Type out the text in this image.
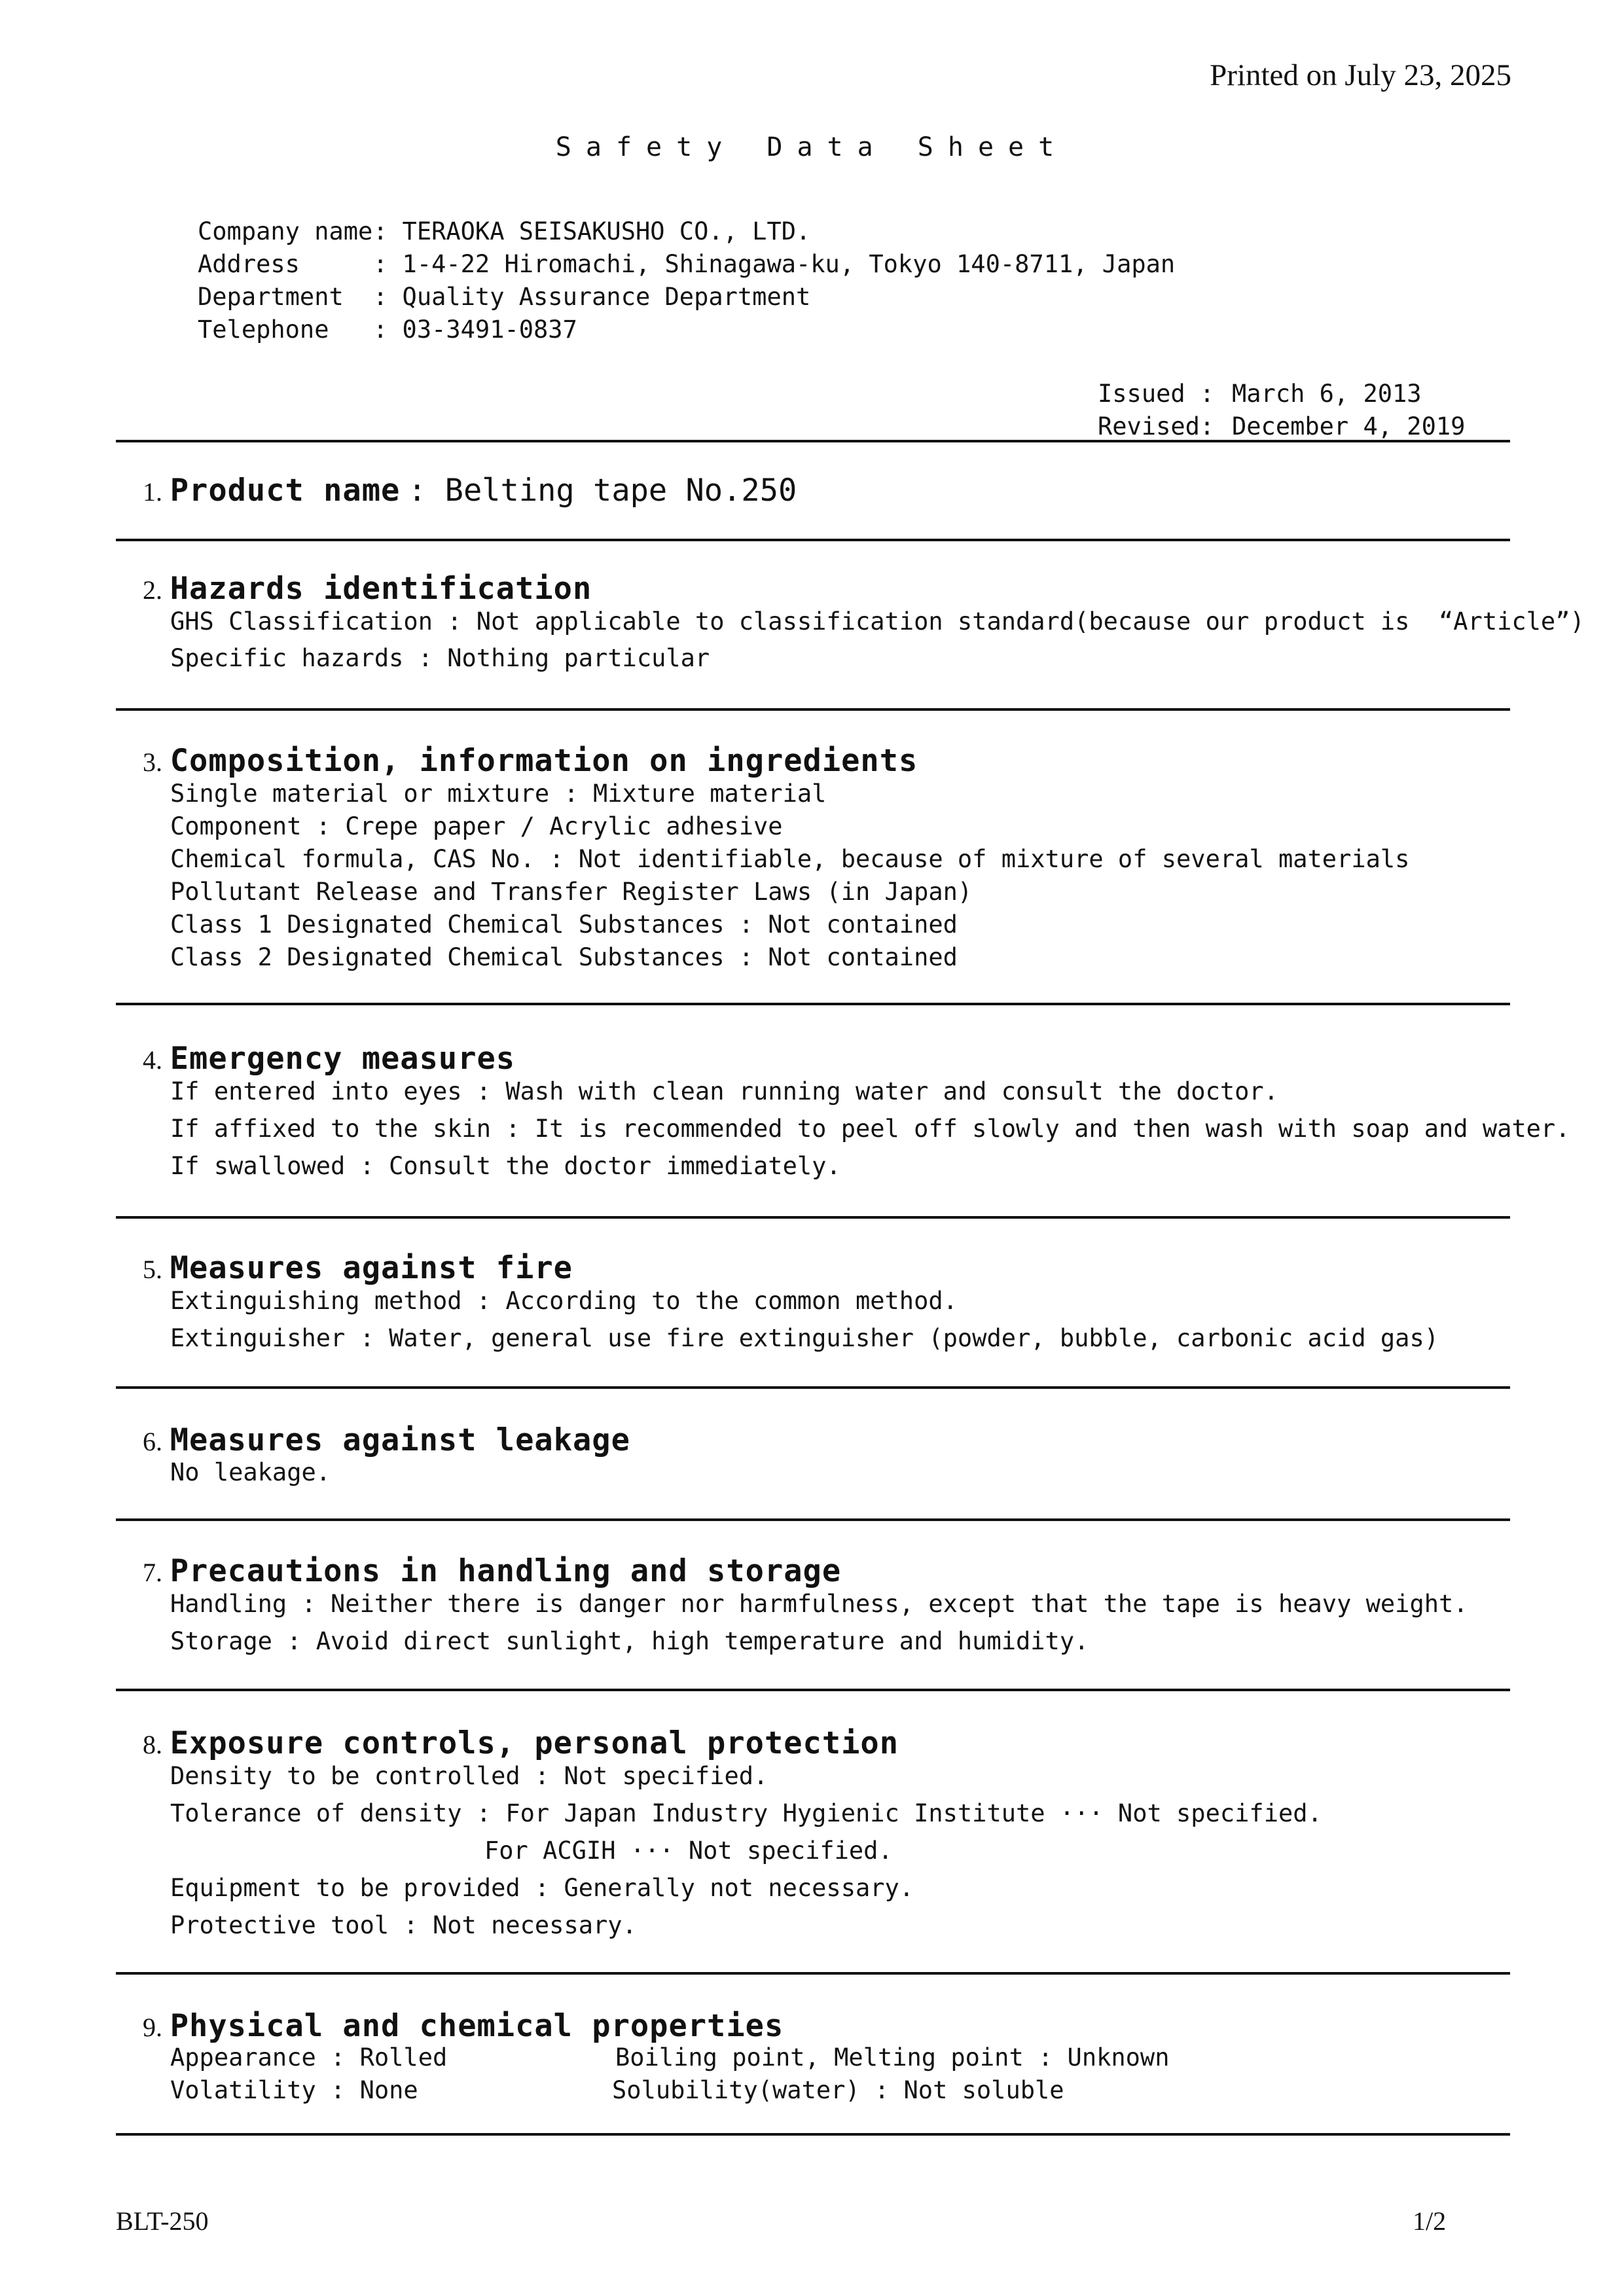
Printed on July 23, 2025
Safety Data Sheet
Company name : TERAOKA SEISAKUSHO CO., LTD.
Address	: 1-4-22 Hiromachi, Shinagawa-ku, Tokyo 140-8711, Japan
Department : Quality Assurance Department
Telephone : 03-3491-0837
Issued : March 6, 2013
Revised: December 4, 2019
1. Product name : Belting tape No.250
2. Hazards identification
GHS Classification : Not applicable to classification standard(because our product is  “Article”)
Specific hazards : Nothing particular
3. Composition, information on ingredients
Single material or mixture : Mixture material
Component : Crepe paper / Acrylic adhesive
Chemical formula, CAS No. : Not identifiable, because of mixture of several materials
Pollutant Release and Transfer Register Laws (in Japan)
Class 1 Designated Chemical Substances : Not contained
Class 2 Designated Chemical Substances : Not contained
4. Emergency measures
If entered into eyes : Wash with clean running water and consult the doctor.
If affixed to the skin : It is recommended to peel off slowly and then wash with soap and water.
If swallowed : Consult the doctor immediately.
5. Measures against fire
Extinguishing method : According to the common method.
Extinguisher : Water, general use fire extinguisher (powder, bubble, carbonic acid gas)
6. Measures against leakage
No leakage.
7. Precautions in handling and storage
Handling : Neither there is danger nor harmfulness, except that the tape is heavy weight.
Storage : Avoid direct sunlight, high temperature and humidity.
8. Exposure controls, personal protection
Density to be controlled : Not specified.
Tolerance of density : For Japan Industry Hygienic Institute ··· Not specified.
For ACGIH ··· Not specified.
Equipment to be provided : Generally not necessary.
Protective tool : Not necessary.
9. Physical and chemical properties
Appearance : Rolled	Boiling point, Melting point : Unknown
Volatility : None	Solubility(water) : Not soluble
BLT-250	1/2
